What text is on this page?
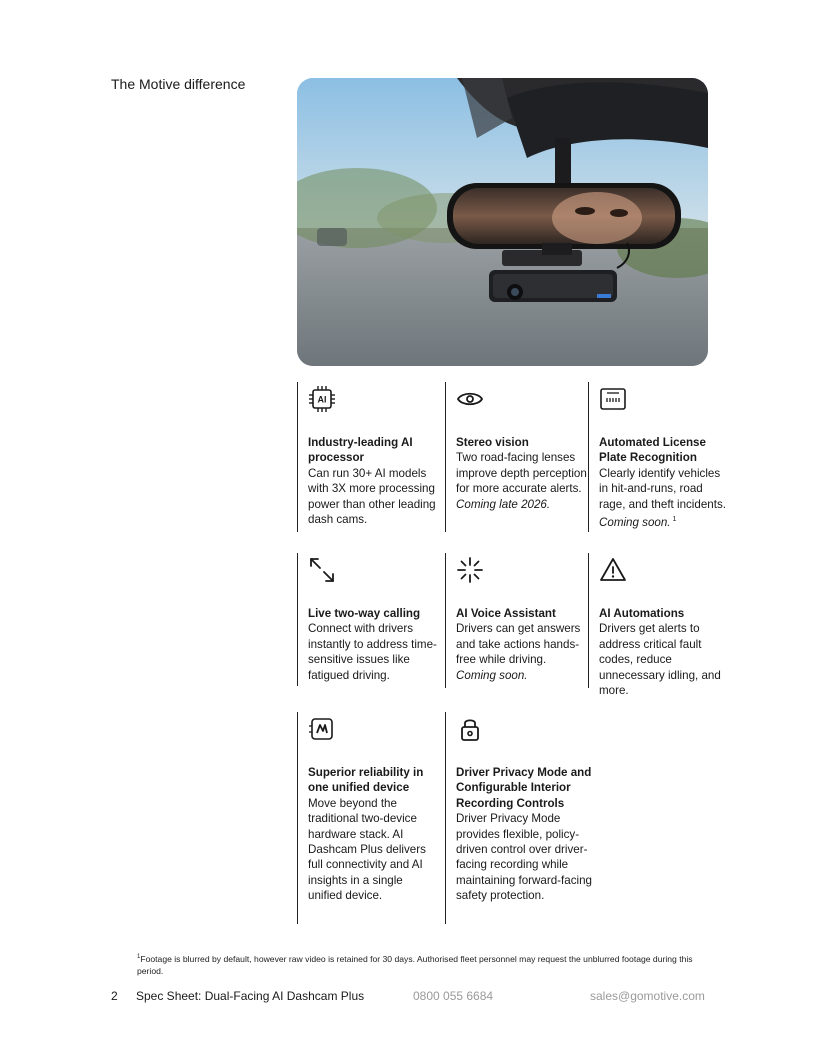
The Motive difference
AI
Industry-leading AI processor
Can run 30+ AI models with 3X more processing power than other leading dash cams.
Stereo vision
Two road-facing lenses improve depth perception for more accurate alerts. Coming late 2026.
Automated License Plate Recognition
Clearly identify vehicles in hit-and-runs, road rage, and theft incidents. Coming soon. $^1$
Live two-way calling
Connect with drivers instantly to address time-sensitive issues like fatigued driving.
AI Voice Assistant
Drivers can get answers and take actions hands-free while driving. Coming soon.
AI Automations
Drivers get alerts to address critical fault codes, reduce unnecessary idling, and more.
Superior reliability in one unified device
Move beyond the traditional two-device hardware stack. AI Dashcam Plus delivers full connectivity and AI insights in a single unified device.
Driver Privacy Mode and Configurable Interior Recording Controls
Driver Privacy Mode provides flexible, policy-driven control over driver-facing recording while maintaining forward-facing safety protection.
$^1$Footage is blurred by default, however raw video is retained for 30 days. Authorised fleet personnel may request the unblurred footage during this period.
2 Spec Sheet: Dual-Facing AI Dashcam Plus	0800 055 6684	sales@gomotive.com
